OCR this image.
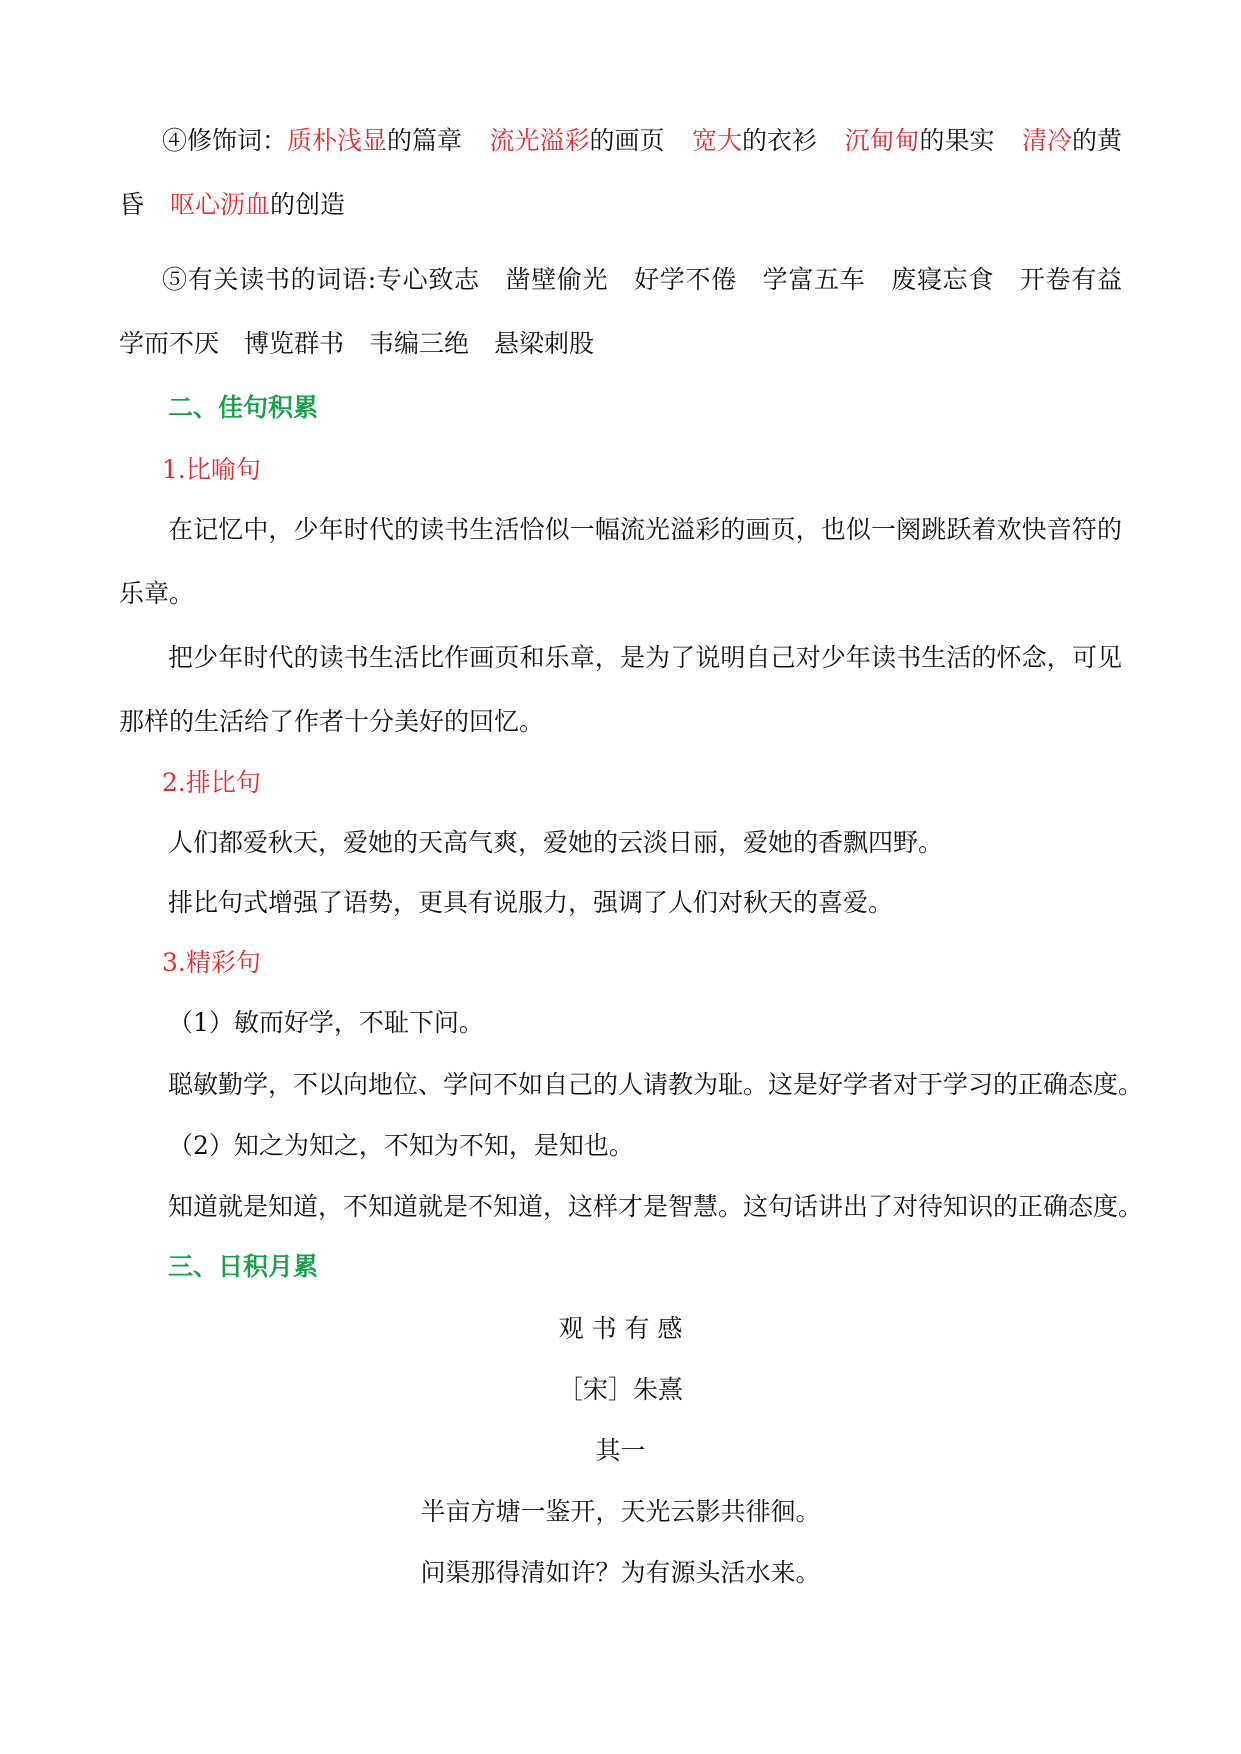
④修饰词：质朴浅显的篇章 流光溢彩的画页 宽大的衣衫 沉甸甸的果实 清冷的黄
昏 呕心沥血的创造
⑤有关读书的词语:专心致志　凿壁偷光　好学不倦　学富五车　废寝忘食　开卷有益
学而不厌　博览群书　韦编三绝　悬梁刺股
二、佳句积累
1.比喻句
在记忆中，少年时代的读书生活恰似一幅流光溢彩的画页，也似一阕跳跃着欢快音符的
乐章。
把少年时代的读书生活比作画页和乐章，是为了说明自己对少年读书生活的怀念，可见
那样的生活给了作者十分美好的回忆。
2.排比句
人们都爱秋天，爱她的天高气爽，爱她的云淡日丽，爱她的香飘四野。
排比句式增强了语势，更具有说服力，强调了人们对秋天的喜爱。
3.精彩句
（1）敏而好学，不耻下问。
聪敏勤学，不以向地位、学问不如自己的人请教为耻。这是好学者对于学习的正确态度。
（2）知之为知之，不知为不知，是知也。
知道就是知道，不知道就是不知道，这样才是智慧。这句话讲出了对待知识的正确态度。
三、日积月累
观 书 有 感
［宋］朱熹
其一
半亩方塘一鉴开，天光云影共徘徊。
问渠那得清如许？为有源头活水来。
